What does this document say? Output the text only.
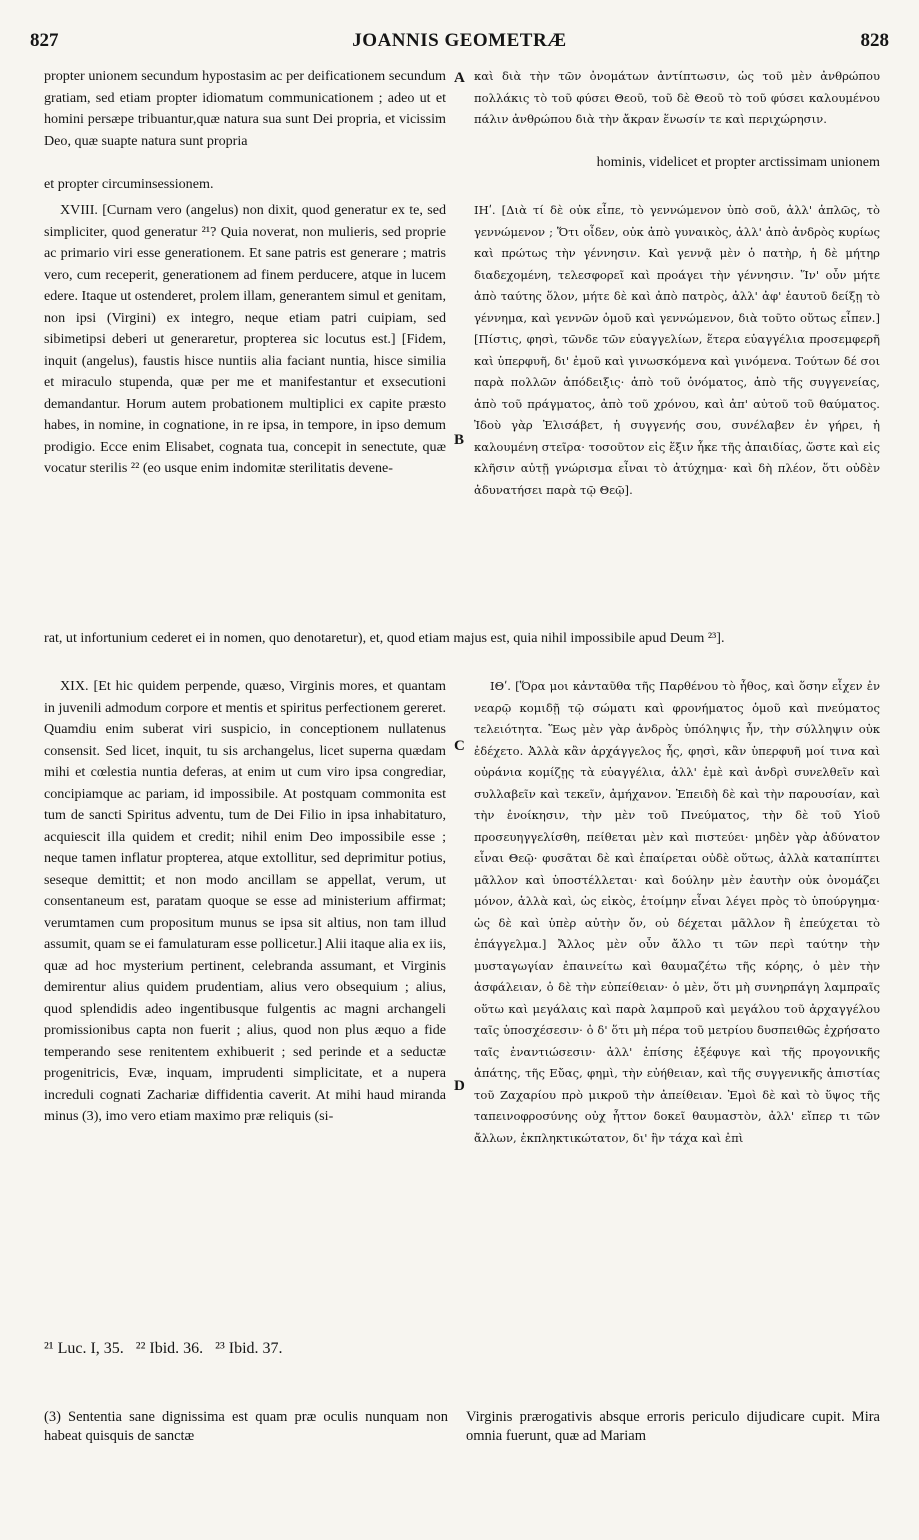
827	JOANNIS GEOMETRÆ	828

propter unionem secundum hypostasim ac per deificationem secundum gratiam, sed etiam propter idiomatum communicationem ; adeo ut et homini persæpe tribuantur,quæ natura sua sunt Dei propria, et vicissim Deo, quæ suapte natura sunt propria

et propter circuminsessionem.

καὶ διὰ τὴν τῶν ὀνομάτων ἀντίπτωσιν, ὡς τοῦ μὲν ἀνθρώπου πολλάκις τὸ τοῦ φύσει Θεοῦ, τοῦ δὲ Θεοῦ τὸ τοῦ φύσει καλουμένου πάλιν ἀνθρώπου διὰ τὴν ἄκραν ἕνωσίν τε καὶ περιχώρησιν.

hominis, videlicet et propter arctissimam unionem

XVIII. [Curnam vero (angelus) non dixit, quod generatur ex te, sed simpliciter, quod generatur ²¹? Quia noverat, non mulieris, sed proprie ac primario viri esse generationem. Et sane patris est generare ; matris vero, cum receperit, generationem ad finem perducere, atque in lucem edere. Itaque ut ostenderet, prolem illam, generantem simul et genitam, non ipsi (Virgini) ex integro, neque etiam patri cuipiam, sed sibimetipsi deberi ut generaretur, propterea sic locutus est.] [Fidem, inquit (angelus), faustis hisce nuntiis alia faciant nuntia, hisce similia et miraculo stupenda, quæ per me et manifestantur et exsecutioni demandantur. Horum autem probationem multiplici ex capite præsto habes, in nomine, in cognatione, in re ipsa, in tempore, in ipso demum prodigio. Ecce enim Elisabet, cognata tua, concepit in senectute, quæ vocatur sterilis ²² (eo usque enim indomitæ sterilitatis devene-

ΙΗʹ. [Διὰ τί δὲ οὐκ εἶπε, τὸ γεννώμενον ὑπὸ σοῦ, ἀλλ' ἁπλῶς, τὸ γεννώμενον ; Ὅτι οἶδεν, οὐκ ἀπὸ γυναικὸς, ἀλλ' ἀπὸ ἀνδρὸς κυρίως καὶ πρώτως τὴν γέννησιν. Καὶ γεννᾷ μὲν ὁ πατὴρ, ἡ δὲ μήτηρ διαδεχομένη, τελεσφορεῖ καὶ προάγει τὴν γέννησιν. Ἵν' οὖν μήτε ἀπὸ ταύτης ὅλον, μήτε δὲ καὶ ἀπὸ πατρὸς, ἀλλ' ἀφ' ἑαυτοῦ δείξῃ τὸ γέννημα, καὶ γεννῶν ὁμοῦ καὶ γεννώμενον, διὰ τοῦτο οὕτως εἶπεν.] [Πίστις, φησὶ, τῶνδε τῶν εὐαγγελίων, ἕτερα εὐαγγέλια προσεμφερῆ καὶ ὑπερφυῆ, δι' ἐμοῦ καὶ γινωσκόμενα καὶ γινόμενα. Τούτων δέ σοι παρὰ πολλῶν ἀπόδειξις· ἀπὸ τοῦ ὀνόματος, ἀπὸ τῆς συγγενείας, ἀπὸ τοῦ πράγματος, ἀπὸ τοῦ χρόνου, καὶ ἀπ' αὐτοῦ τοῦ θαύματος. Ἰδοὺ γὰρ Ἐλισάβετ, ἡ συγγενής σου, συνέλαβεν ἐν γήρει, ἡ καλουμένη στεῖρα· τοσοῦτον εἰς ἕξιν ἧκε τῆς ἀπαιδίας, ὥστε καὶ εἰς κλῆσιν αὐτῇ γνώρισμα εἶναι τὸ ἀτύχημα· καὶ δὴ πλέον, ὅτι οὐδὲν ἀδυνατήσει παρὰ τῷ Θεῷ].

rat, ut infortunium cederet ei in nomen, quo denotaretur), et, quod etiam majus est, quia nihil impossibile apud Deum ²³].

XIX. [Et hic quidem perpende, quæso, Virginis mores, et quantam in juvenili admodum corpore et mentis et spiritus perfectionem gereret. Quamdiu enim suberat viri suspicio, in conceptionem nullatenus consensit. Sed licet, inquit, tu sis archangelus, licet superna quædam mihi et cœlestia nuntia deferas, at enim ut cum viro ipsa congrediar, concipiamque ac pariam, id impossibile. At postquam commonita est tum de sancti Spiritus adventu, tum de Dei Filio in ipsa inhabitaturo, acquiescit illa quidem et credit; nihil enim Deo impossibile esse ; neque tamen inflatur propterea, atque extollitur, sed deprimitur potius, seseque demittit; et non modo ancillam se appellat, verum, ut consentaneum est, paratam quoque se esse ad ministerium affirmat; verumtamen cum propositum munus se ipsa sit altius, non tam illud assumit, quam se ei famulaturam esse pollicetur.] Alii itaque alia ex iis, quæ ad hoc mysterium pertinent, celebranda assumant, et Virginis demirentur alius quidem prudentiam, alius vero obsequium ; alius, quod splendidis adeo ingentibusque fulgentis ac magni archangeli promissionibus capta non fuerit ; alius, quod non plus æquo a fide temperando sese renitentem exhibuerit ; sed perinde et a seductæ progenitricis, Evæ, inquam, imprudenti simplicitate, et a nupera increduli cognati Zachariæ diffidentia caverit. At mihi haud miranda minus (3), imo vero etiam maximo præ reliquis (si-

ΙΘʹ. [Ὅρα μοι κἀνταῦθα τῆς Παρθένου τὸ ἦθος, καὶ ὅσην εἶχεν ἐν νεαρῷ κομιδῇ τῷ σώματι καὶ φρονήματος ὁμοῦ καὶ πνεύματος τελειότητα. Ἕως μὲν γὰρ ἀνδρὸς ὑπόληψις ἦν, τὴν σύλληψιν οὐκ ἐδέχετο. Ἀλλὰ κἂν ἀρχάγγελος ἦς, φησὶ, κἂν ὑπερφυῆ μοί τινα καὶ οὐράνια κομίζῃς τὰ εὐαγγέλια, ἀλλ' ἐμὲ καὶ ἀνδρὶ συνελθεῖν καὶ συλλαβεῖν καὶ τεκεῖν, ἀμήχανον. Ἐπειδὴ δὲ καὶ τὴν παρουσίαν, καὶ τὴν ἐνοίκησιν, τὴν μὲν τοῦ Πνεύματος, τὴν δὲ τοῦ Υἱοῦ προσευηγγελίσθη, πείθεται μὲν καὶ πιστεύει· μηδὲν γὰρ ἀδύνατον εἶναι Θεῷ· φυσᾶται δὲ καὶ ἐπαίρεται οὐδὲ οὕτως, ἀλλὰ καταπίπτει μᾶλλον καὶ ὑποστέλλεται· καὶ δούλην μὲν ἑαυτὴν οὐκ ὀνομάζει μόνον, ἀλλὰ καὶ, ὡς εἰκὸς, ἑτοίμην εἶναι λέγει πρὸς τὸ ὑπούργημα· ὡς δὲ καὶ ὑπὲρ αὐτὴν ὄν, οὐ δέχεται μᾶλλον ἢ ἐπεύχεται τὸ ἐπάγγελμα.] Ἄλλος μὲν οὖν ἄλλο τι τῶν περὶ ταύτην τὴν μυσταγωγίαν ἐπαινείτω καὶ θαυμαζέτω τῆς κόρης, ὁ μὲν τὴν ἀσφάλειαν, ὁ δὲ τὴν εὐπείθειαν· ὁ μὲν, ὅτι μὴ συνηρπάγη λαμπραῖς οὕτω καὶ μεγάλαις καὶ παρὰ λαμπροῦ καὶ μεγάλου τοῦ ἀρχαγγέλου ταῖς ὑποσχέσεσιν· ὁ δ' ὅτι μὴ πέρα τοῦ μετρίου δυσπειθῶς ἐχρήσατο ταῖς ἐναντιώσεσιν· ἀλλ' ἐπίσης ἐξέφυγε καὶ τῆς προγονικῆς ἀπάτης, τῆς Εὔας, φημὶ, τὴν εὐήθειαν, καὶ τῆς συγγενικῆς ἀπιστίας τοῦ Ζαχαρίου πρὸ μικροῦ τὴν ἀπείθειαν. Ἐμοὶ δὲ καὶ τὸ ὕψος τῆς ταπεινοφροσύνης οὐχ ἧττον δοκεῖ θαυμαστὸν, ἀλλ' εἴπερ τι τῶν ἄλλων, ἐκπληκτικώτατον, δι' ἣν τάχα καὶ ἐπὶ

A
B
C
D
²¹ Luc. I, 35.   ²² Ibid. 36.   ²³ Ibid. 37.
(3) Sententia sane dignissima est quam præ oculis nunquam non habeat quisquis de sanctæ
Virginis prærogativis absque erroris periculo dijudicare cupit. Mira omnia fuerunt, quæ ad Mariam
